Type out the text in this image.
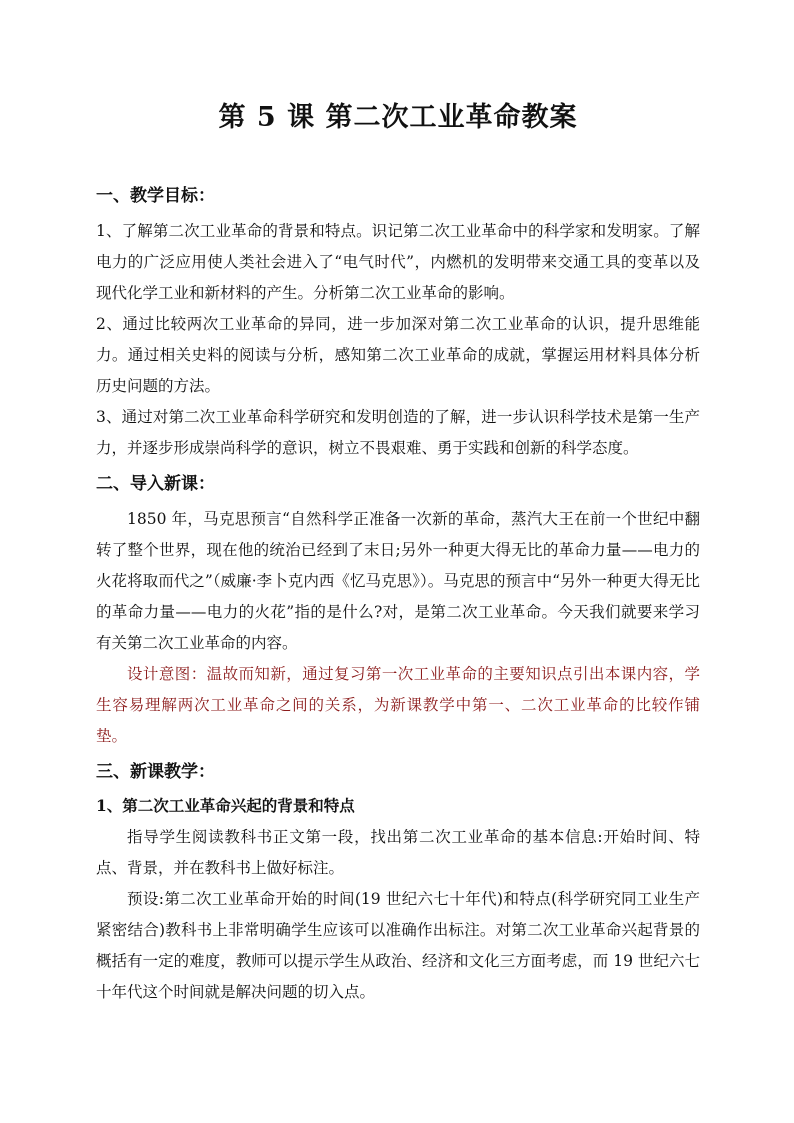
第 5 课 第二次工业革命教案
一、教学目标：

1、了解第二次工业革命的背景和特点。识记第二次工业革命中的科学家和发明家。了解电力的广泛应用使人类社会进入了“电气时代”，内燃机的发明带来交通工具的变革以及现代化学工业和新材料的产生。分析第二次工业革命的影响。

2、通过比较两次工业革命的异同，进一步加深对第二次工业革命的认识，提升思维能力。通过相关史料的阅读与分析，感知第二次工业革命的成就，掌握运用材料具体分析历史问题的方法。

3、通过对第二次工业革命科学研究和发明创造的了解，进一步认识科学技术是第一生产力，并逐步形成崇尚科学的意识，树立不畏艰难、勇于实践和创新的科学态度。

二、导入新课：

1850 年，马克思预言“自然科学正准备一次新的革命，蒸汽大王在前一个世纪中翻转了整个世界，现在他的统治已经到了末日;另外一种更大得无比的革命力量——电力的火花将取而代之”（威廉·李卜克内西《忆马克思》）。马克思的预言中“另外一种更大得无比的革命力量——电力的火花”指的是什么?对，是第二次工业革命。今天我们就要来学习有关第二次工业革命的内容。

设计意图：温故而知新，通过复习第一次工业革命的主要知识点引出本课内容，学生容易理解两次工业革命之间的关系，为新课教学中第一、二次工业革命的比较作铺垫。

三、新课教学：
1、第二次工业革命兴起的背景和特点

指导学生阅读教科书正文第一段，找出第二次工业革命的基本信息:开始时间、特点、背景，并在教科书上做好标注。

预设:第二次工业革命开始的时间(19 世纪六七十年代)和特点(科学研究同工业生产紧密结合)教科书上非常明确学生应该可以准确作出标注。对第二次工业革命兴起背景的概括有一定的难度，教师可以提示学生从政治、经济和文化三方面考虑，而 19 世纪六七十年代这个时间就是解决问题的切入点。
